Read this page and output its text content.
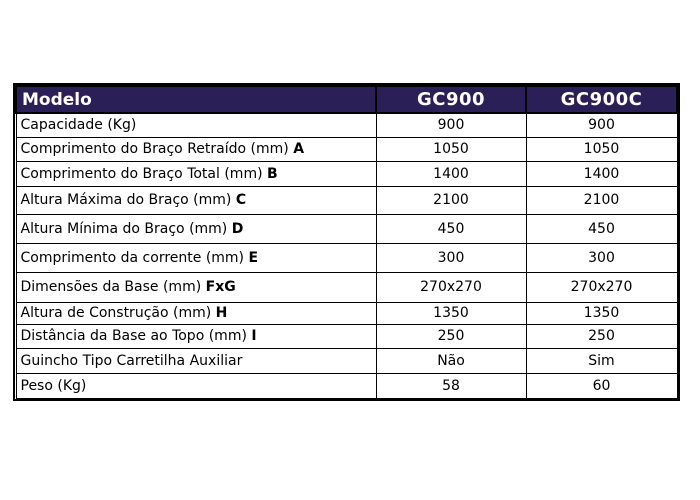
Modelo	GC900	GC900C
Capacidade (Kg)	900	900
Comprimento do Braço Retraído (mm) A	1050	1050
Comprimento do Braço Total (mm) B	1400	1400
Altura Máxima do Braço (mm) C	2100	2100
Altura Mínima do Braço (mm) D	450	450
Comprimento da corrente (mm) E	300	300
Dimensões da Base (mm) FxG	270x270	270x270
Altura de Construção (mm) H	1350	1350
Distância da Base ao Topo (mm) I	250	250
Guincho Tipo Carretilha Auxiliar	Não	Sim
Peso (Kg)	58	60
